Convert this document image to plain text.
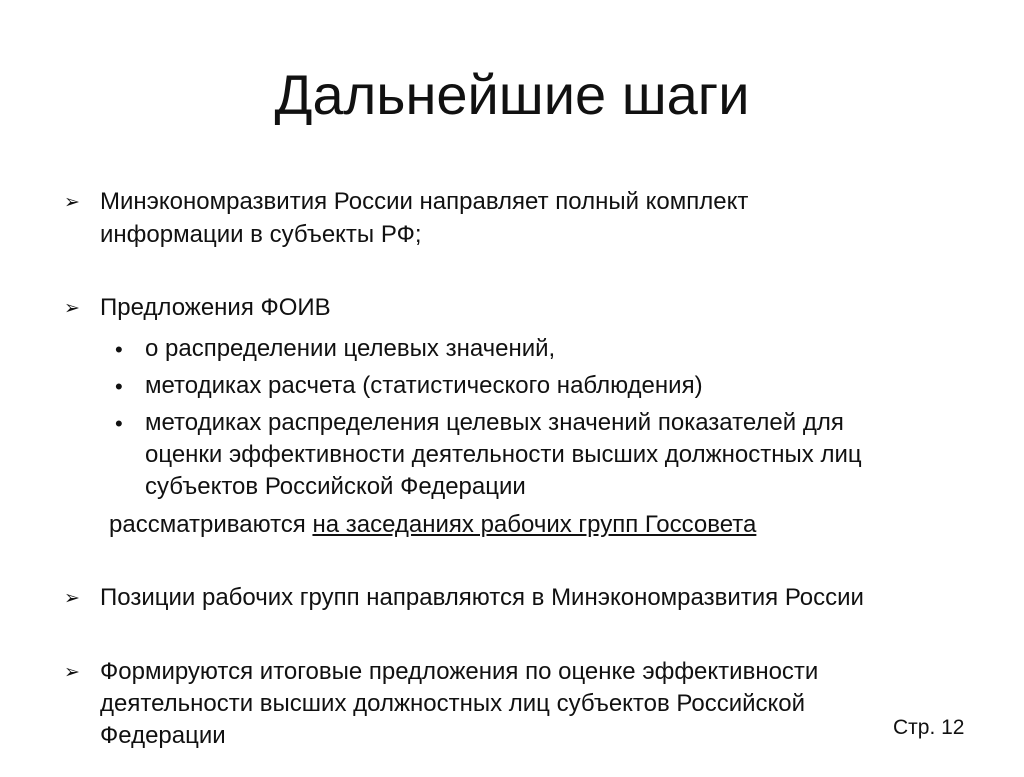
Дальнейшие шаги
➢ Минэкономразвития России направляет полный комплект
информации в субъекты РФ;
➢ Предложения ФОИВ
• о распределении целевых значений,
• методиках расчета (статистического наблюдения)
• методиках распределения целевых значений показателей для
оценки эффективности деятельности высших должностных лиц
субъектов Российской Федерации
рассматриваются на заседаниях рабочих групп Госсовета
➢ Позиции рабочих групп направляются в Минэкономразвития России
➢ Формируются итоговые предложения по оценке эффективности
деятельности высших должностных лиц субъектов Российской
Федерации	Стр. 12
